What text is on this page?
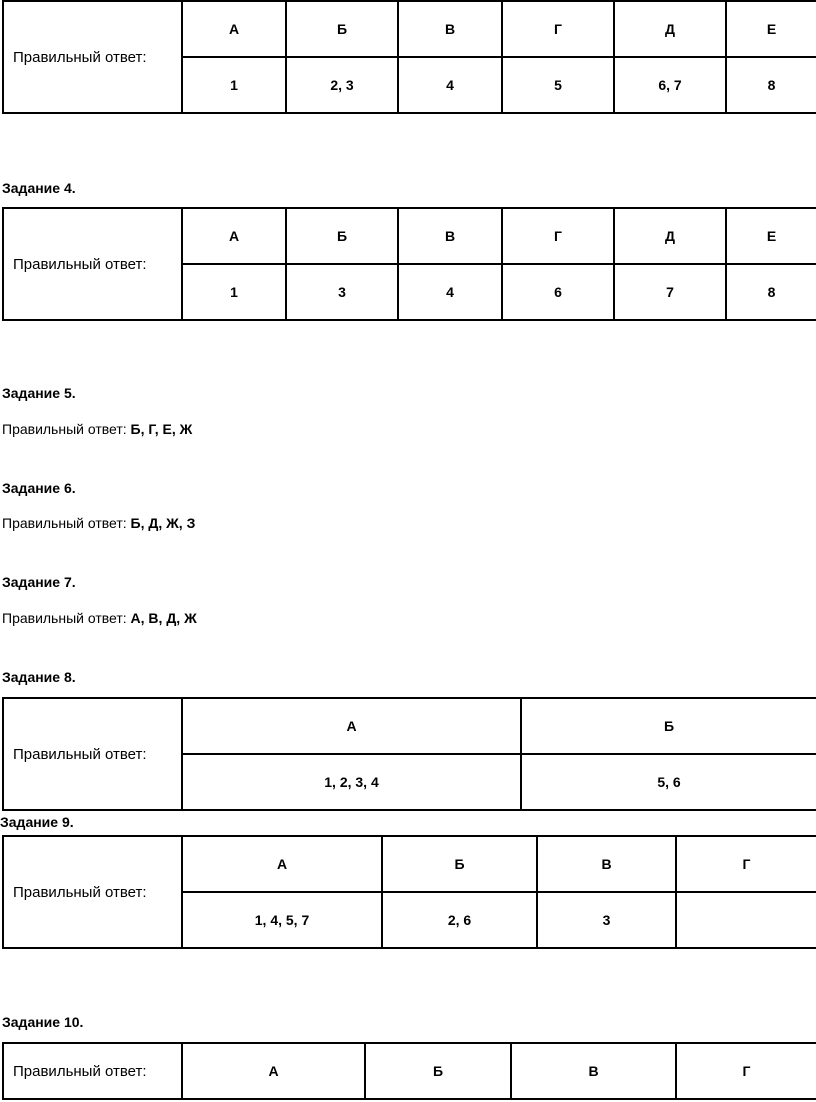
Правильный ответ:	А	Б	В	Г	Д	Е
	1	2, 3	4	5	6, 7	8
Задание 4.
Правильный ответ:	А	Б	В	Г	Д	Е
	1	3	4	6	7	8
Задание 5.
Правильный ответ: Б, Г, Е, Ж
Задание 6.
Правильный ответ: Б, Д, Ж, З
Задание 7.
Правильный ответ: А, В, Д, Ж
Задание 8.
Правильный ответ:	А	Б
	1, 2, 3, 4	5, 6
Задание 9.
Правильный ответ:	А	Б	В	Г
	1, 4, 5, 7	2, 6	3	
Задание 10.
Правильный ответ:	А	Б	В	Г
